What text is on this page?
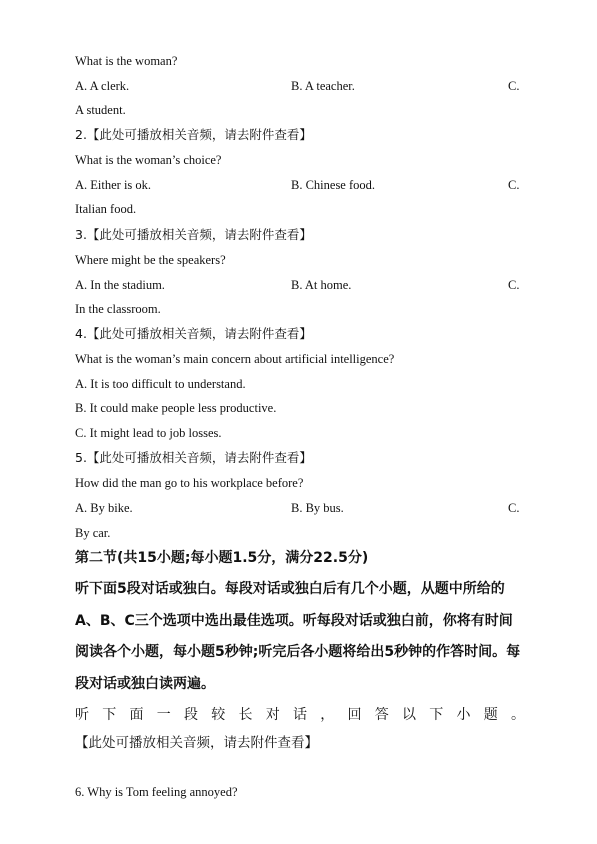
What is the woman?
A. A clerk.	B. A teacher.	C.
A student.
2.【此处可播放相关音频，请去附件查看】
What is the woman’s choice?
A. Either is ok.	B. Chinese food.	C.
Italian food.
3.【此处可播放相关音频，请去附件查看】
Where might be the speakers?
A. In the stadium.	B. At home.	C.
In the classroom.
4.【此处可播放相关音频，请去附件查看】
What is the woman’s main concern about artificial intelligence?
A. It is too difficult to understand.
B. It could make people less productive.
C. It might lead to job losses.
5.【此处可播放相关音频，请去附件查看】
How did the man go to his workplace before?
A. By bike.	B. By bus.	C.
By car.
第二节(共15小题;每小题1.5分，满分22.5分)
听下面5段对话或独白。每段对话或独白后有几个小题，从题中所给的A、B、C三个选项中选出最佳选项。听每段对话或独白前，你将有时间阅读各个小题，每小题5秒钟;听完后各小题将给出5秒钟的作答时间。每段对话或独白读两遍。
听 下 面 一 段 较 长 对 话 ， 回 答 以 下 小 题 。
【此处可播放相关音频，请去附件查看】
6. Why is Tom feeling annoyed?
